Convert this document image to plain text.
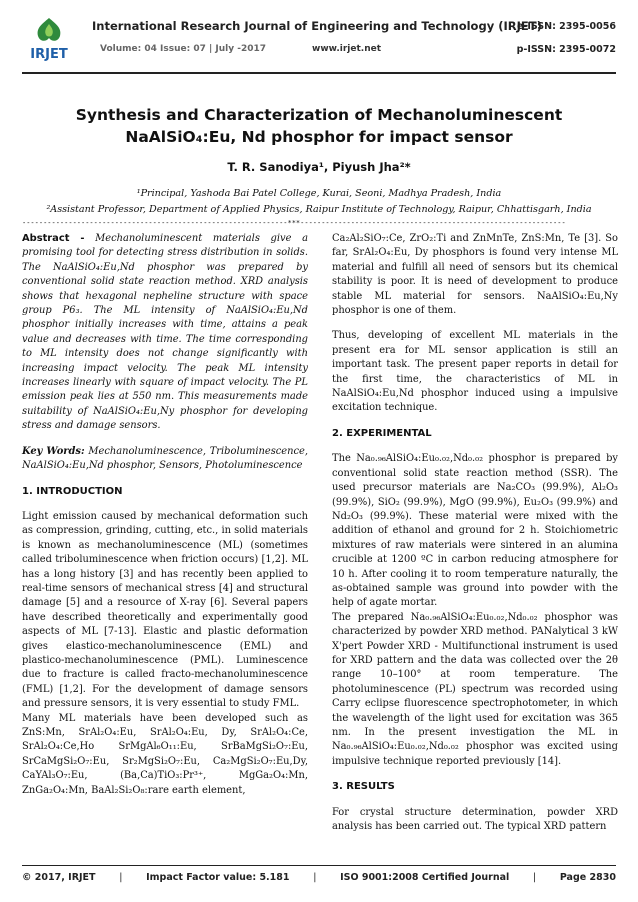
IRJET
International Research Journal of Engineering and Technology (IRJET)
e-ISSN: 2395-0056
Volume: 04 Issue: 07 | July -2017	www.irjet.net	p-ISSN: 2395-0072
Synthesis and Characterization of Mechanoluminescent
NaAlSiO₄:Eu, Nd phosphor for impact sensor
T. R. Sanodiya¹, Piyush Jha²*
¹Principal, Yashoda Bai Patel College, Kurai, Seoni, Madhya Pradesh, India
²Assistant Professor, Department of Applied Physics, Raipur Institute of Technology, Raipur, Chhattisgarh, India
---------------------------------------------------------------***---------------------------------------------------------------

Abstract - Mechanoluminescent materials give a promising tool for detecting stress distribution in solids. The NaAlSiO₄:Eu,Nd phosphor was prepared by conventional solid state reaction method. XRD analysis shows that hexagonal nepheline structure with space group P6₃. The ML intensity of NaAlSiO₄:Eu,Nd phosphor initially increases with time, attains a peak value and decreases with time. The time corresponding to ML intensity does not change significantly with increasing impact velocity. The peak ML intensity increases linearly with square of impact velocity. The PL emission peak lies at 550 nm. This measurements made suitability of NaAlSiO₄:Eu,Ny phosphor for developing stress and damage sensors.

Key Words: Mechanoluminescence, Triboluminescence, NaAlSiO₄:Eu,Nd phosphor, Sensors, Photoluminescence

1. INTRODUCTION

Light emission caused by mechanical deformation such as compression, grinding, cutting, etc., in solid materials is known as mechanoluminescence (ML) (sometimes called triboluminescence when friction occurs) [1,2]. ML has a long history [3] and has recently been applied to real-time sensors of mechanical stress [4] and structural damage [5] and a resource of X-ray [6]. Several papers have described theoretically and experimentally good aspects of ML [7-13]. Elastic and plastic deformation gives elastico-mechanoluminescence (EML) and plastico-mechanoluminescence (PML). Luminescence due to fracture is called fracto-mechanoluminescence (FML) [1,2]. For the development of damage sensors and pressure sensors, it is very essential to study FML.

Many ML materials have been developed such as ZnS:Mn, SrAl₂O₄:Eu, SrAl₂O₄:Eu, Dy, SrAl₂O₄:Ce, SrAl₂O₄:Ce,Ho SrMgAl₆O₁₁:Eu, SrBaMgSi₂O₇:Eu, SrCaMgSi₂O₇:Eu, Sr₂MgSi₂O₇:Eu, Ca₂MgSi₂O₇:Eu,Dy, CaYAl₃O₇:Eu, (Ba,Ca)TiO₃:Pr³⁺, MgGa₂O₄:Mn, ZnGa₂O₄:Mn, BaAl₂Si₂O₈:rare earth element,

Ca₂Al₂SiO₇:Ce, ZrO₂:Ti and ZnMnTe, ZnS:Mn, Te [3]. So far, SrAl₂O₄:Eu, Dy phosphors is found very intense ML material and fulfill all need of sensors but its chemical stability is poor. It is need of development to produce stable ML material for sensors. NaAlSiO₄:Eu,Ny phosphor is one of them.

Thus, developing of excellent ML materials in the present era for ML sensor application is still an important task. The present paper reports in detail for the first time, the characteristics of ML in NaAlSiO₄:Eu,Nd phosphor induced using a impulsive excitation technique.

2. EXPERIMENTAL

The Na₀.₉₆AlSiO₄:Eu₀.₀₂,Nd₀.₀₂ phosphor is prepared by conventional solid state reaction method (SSR). The used precursor materials are Na₂CO₃ (99.9%), Al₂O₃ (99.9%), SiO₂ (99.9%), MgO (99.9%), Eu₂O₃ (99.9%) and Nd₂O₃ (99.9%). These material were mixed with the addition of ethanol and ground for 2 h. Stoichiometric mixtures of raw materials were sintered in an alumina crucible at 1200 ºC in carbon reducing atmosphere for 10 h. After cooling it to room temperature naturally, the as-obtained sample was ground into powder with the help of agate mortar.

The prepared Na₀.₉₆AlSiO₄:Eu₀.₀₂,Nd₀.₀₂ phosphor was characterized by powder XRD method. PANalytical 3 kW X'pert Powder XRD - Multifunctional instrument is used for XRD pattern and the data was collected over the 2θ range 10–100° at room temperature. The photoluminescence (PL) spectrum was recorded using Carry eclipse fluorescence spectrophotometer, in which the wavelength of the light used for excitation was 365 nm. In the present investigation the ML in Na₀.₉₆AlSiO₄:Eu₀.₀₂,Nd₀.₀₂ phosphor was excited using impulsive technique reported previously [14].

3. RESULTS

For crystal structure determination, powder XRD analysis has been carried out. The typical XRD pattern

© 2017, IRJET | Impact Factor value: 5.181 | ISO 9001:2008 Certified Journal | Page 2830
